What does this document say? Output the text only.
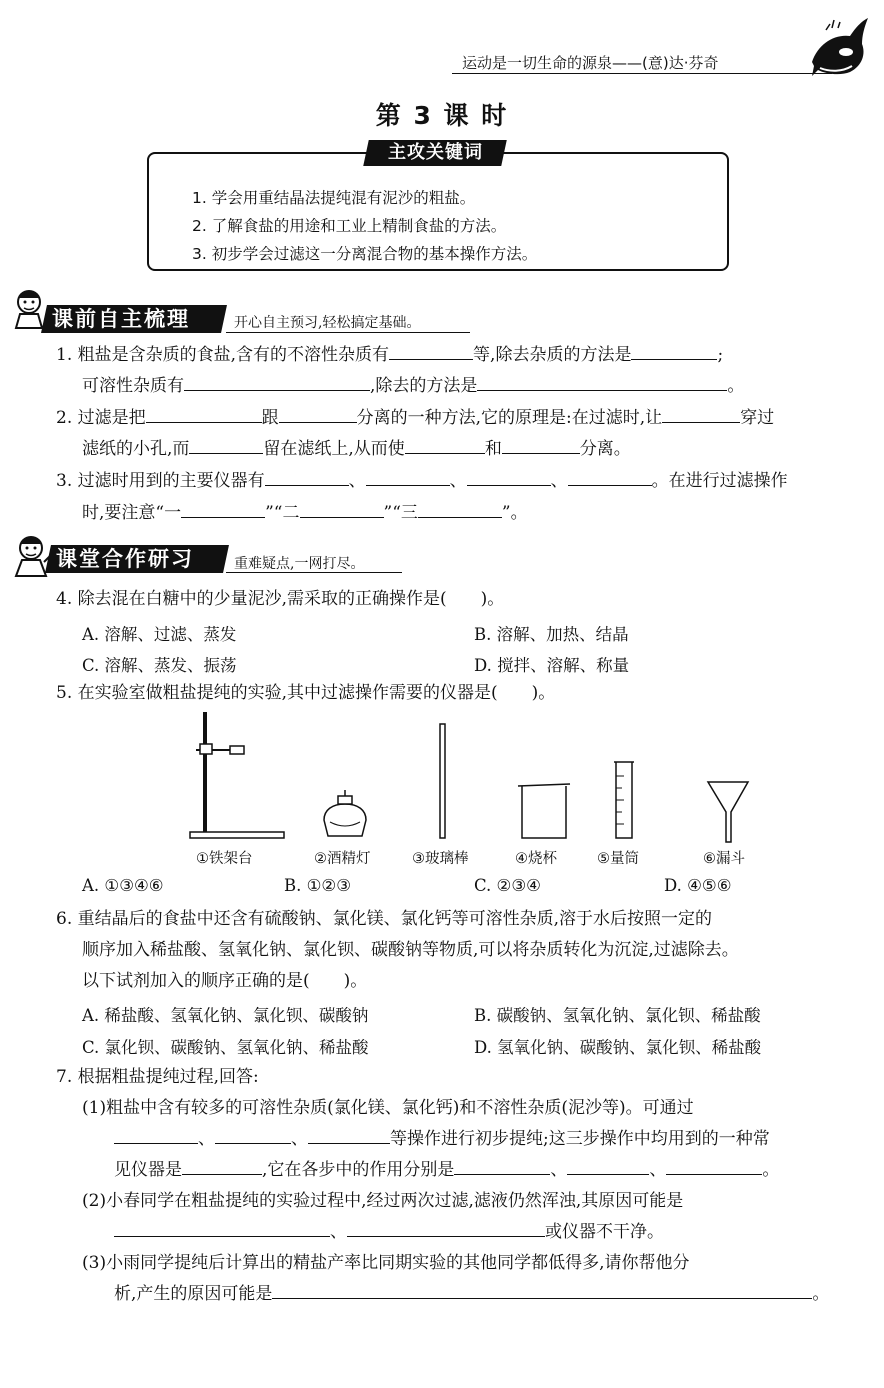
运动是一切生命的源泉——(意)达·芬奇
第 3 课 时
主攻关键词
1. 学会用重结晶法提纯混有泥沙的粗盐。
2. 了解食盐的用途和工业上精制食盐的方法。
3. 初步学会过滤这一分离混合物的基本操作方法。
课前自主梳理	开心自主预习,轻松搞定基础。
1. 粗盐是含杂质的食盐,含有的不溶性杂质有	等,除去杂质的方法是	;
可溶性杂质有	,除去的方法是	。
2. 过滤是把	跟	分离的一种方法,它的原理是:在过滤时,让	穿过
滤纸的小孔,而	留在滤纸上,从而使	和	分离。
3. 过滤时用到的主要仪器有	、	、	、	。在进行过滤操作
时,要注意“一	”“二	”“三	”。
课堂合作研习	重难疑点,一网打尽。
4. 除去混在白糖中的少量泥沙,需采取的正确操作是(　　)。
A. 溶解、过滤、蒸发	B. 溶解、加热、结晶
C. 溶解、蒸发、振荡	D. 搅拌、溶解、称量
5. 在实验室做粗盐提纯的实验,其中过滤操作需要的仪器是(　　)。
①铁架台	②酒精灯	③玻璃棒	④烧杯	⑤量筒	⑥漏斗
A. ①③④⑥	B. ①②③	C. ②③④	D. ④⑤⑥
6. 重结晶后的食盐中还含有硫酸钠、氯化镁、氯化钙等可溶性杂质,溶于水后按照一定的
顺序加入稀盐酸、氢氧化钠、氯化钡、碳酸钠等物质,可以将杂质转化为沉淀,过滤除去。
以下试剂加入的顺序正确的是(　　)。
A. 稀盐酸、氢氧化钠、氯化钡、碳酸钠	B. 碳酸钠、氢氧化钠、氯化钡、稀盐酸
C. 氯化钡、碳酸钠、氢氧化钠、稀盐酸	D. 氢氧化钠、碳酸钠、氯化钡、稀盐酸
7. 根据粗盐提纯过程,回答:
(1)粗盐中含有较多的可溶性杂质(氯化镁、氯化钙)和不溶性杂质(泥沙等)。可通过
、	、	等操作进行初步提纯;这三步操作中均用到的一种常
见仪器是	,它在各步中的作用分别是	、	、	。
(2)小春同学在粗盐提纯的实验过程中,经过两次过滤,滤液仍然浑浊,其原因可能是
、	或仪器不干净。
(3)小雨同学提纯后计算出的精盐产率比同期实验的其他同学都低得多,请你帮他分
析,产生的原因可能是	。
